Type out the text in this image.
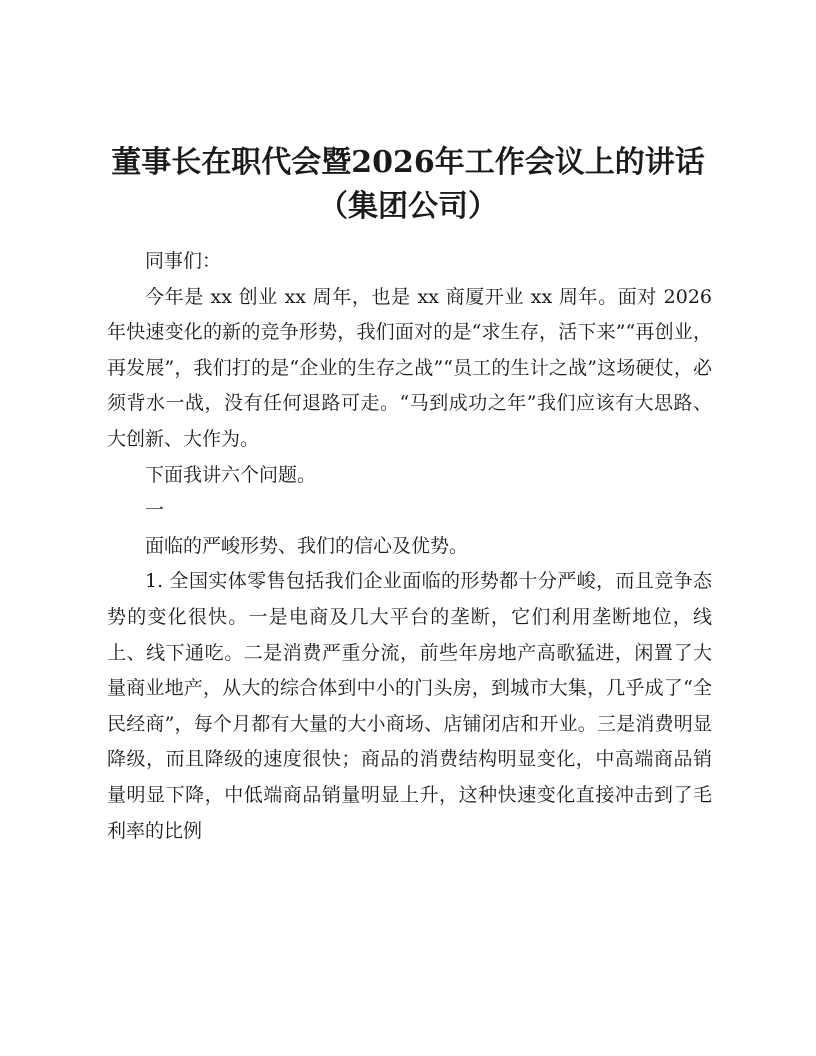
董事长在职代会暨2026年工作会议上的讲话
（集团公司）

同事们：

今年是 xx 创业 xx 周年，也是 xx 商厦开业 xx 周年。面对 2026 年快速变化的新的竞争形势，我们面对的是“求生存，活下来”“再创业，再发展”，我们打的是“企业的生存之战”“员工的生计之战”这场硬仗，必须背水一战，没有任何退路可走。“马到成功之年”我们应该有大思路、大创新、大作为。

下面我讲六个问题。

一

面临的严峻形势、我们的信心及优势。

1. 全国实体零售包括我们企业面临的形势都十分严峻，而且竞争态势的变化很快。一是电商及几大平台的垄断，它们利用垄断地位，线上、线下通吃。二是消费严重分流，前些年房地产高歌猛进，闲置了大量商业地产，从大的综合体到中小的门头房，到城市大集，几乎成了“全民经商”，每个月都有大量的大小商场、店铺闭店和开业。三是消费明显降级，而且降级的速度很快；商品的消费结构明显变化，中高端商品销量明显下降，中低端商品销量明显上升，这种快速变化直接冲击到了毛利率的比例
